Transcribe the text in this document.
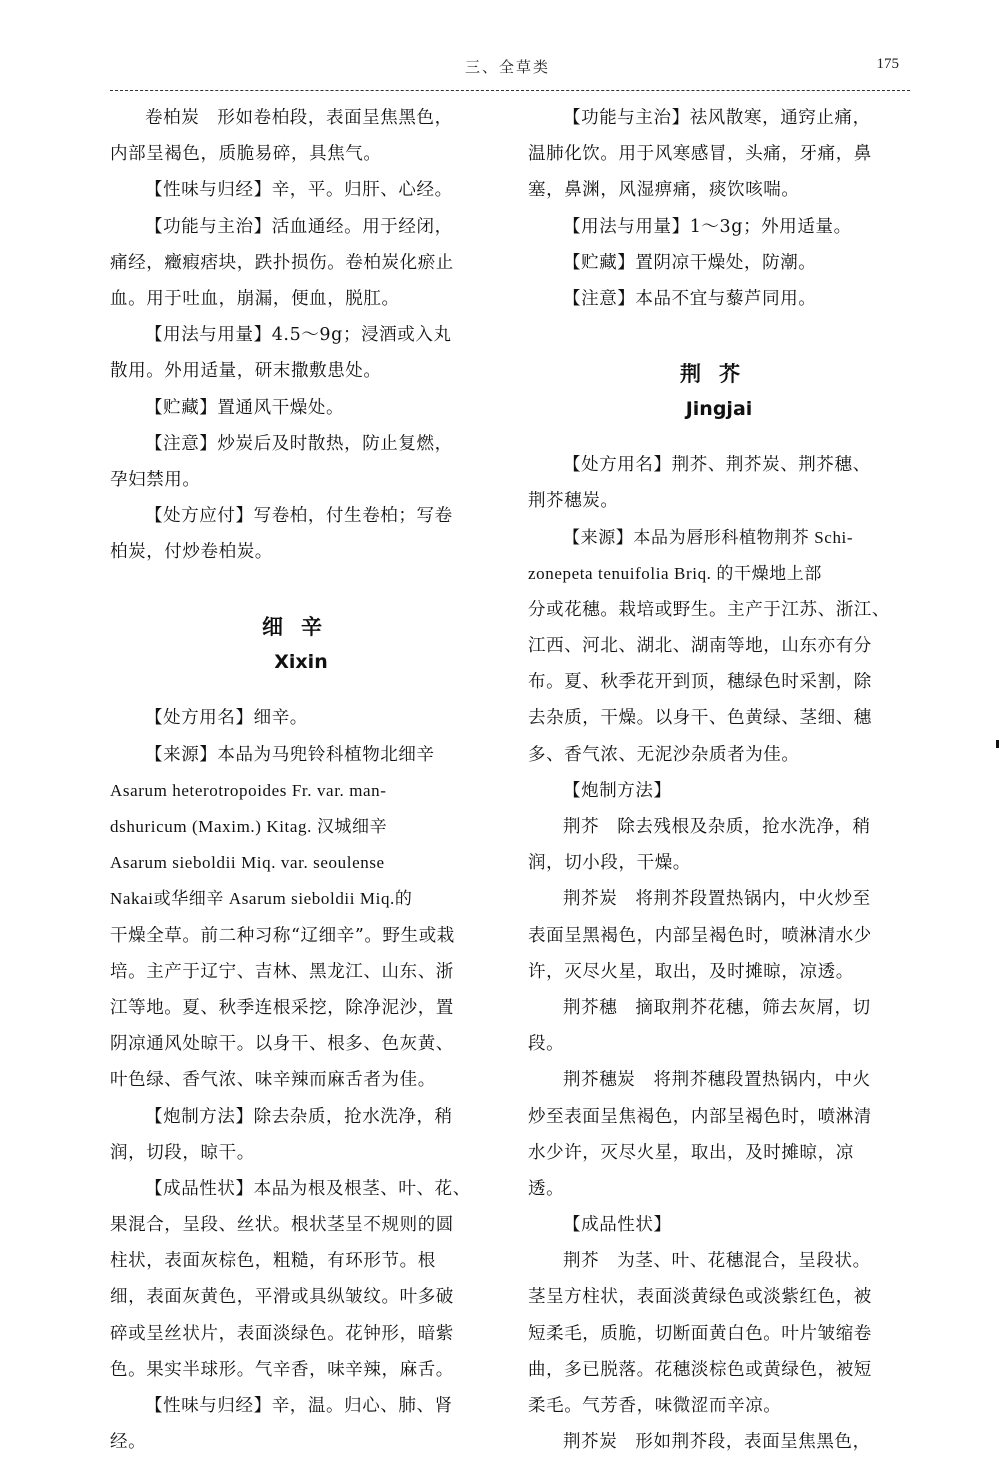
三、全草类	175
卷柏炭　形如卷柏段，表面呈焦黑色，
内部呈褐色，质脆易碎，具焦气。
【性味与归经】辛，平。归肝、心经。
【功能与主治】活血通经。用于经闭，
痛经，癥瘕痞块，跌扑损伤。卷柏炭化瘀止
血。用于吐血，崩漏，便血，脱肛。
【用法与用量】4.5～9g；浸酒或入丸
散用。外用适量，研末撒敷患处。
【贮藏】置通风干燥处。
【注意】炒炭后及时散热，防止复燃，
孕妇禁用。
【处方应付】写卷柏，付生卷柏；写卷
柏炭，付炒卷柏炭。
细辛
Xixin
【处方用名】细辛。
【来源】本品为马兜铃科植物北细辛
Asarum heterotropoides Fr. var. man-
dshuricum (Maxim.) Kitag. 汉城细辛
Asarum sieboldii Miq. var. seoulense
Nakai或华细辛 Asarum sieboldii Miq.的
干燥全草。前二种习称“辽细辛”。野生或栽
培。主产于辽宁、吉林、黑龙江、山东、浙
江等地。夏、秋季连根采挖，除净泥沙，置
阴凉通风处晾干。以身干、根多、色灰黄、
叶色绿、香气浓、味辛辣而麻舌者为佳。
【炮制方法】除去杂质，抢水洗净，稍
润，切段，晾干。
【成品性状】本品为根及根茎、叶、花、
果混合，呈段、丝状。根状茎呈不规则的圆
柱状，表面灰棕色，粗糙，有环形节。根
细，表面灰黄色，平滑或具纵皱纹。叶多破
碎或呈丝状片，表面淡绿色。花钟形，暗紫
色。果实半球形。气辛香，味辛辣，麻舌。
【性味与归经】辛，温。归心、肺、肾
经。
【功能与主治】祛风散寒，通窍止痛，
温肺化饮。用于风寒感冒，头痛，牙痛，鼻
塞，鼻渊，风湿痹痛，痰饮咳喘。
【用法与用量】1～3g；外用适量。
【贮藏】置阴凉干燥处，防潮。
【注意】本品不宜与藜芦同用。
荆芥
Jingjai
【处方用名】荆芥、荆芥炭、荆芥穗、
荆芥穗炭。
【来源】本品为唇形科植物荆芥 Schi-
zonepeta tenuifolia Briq. 的干燥地上部
分或花穗。栽培或野生。主产于江苏、浙江、
江西、河北、湖北、湖南等地，山东亦有分
布。夏、秋季花开到顶，穗绿色时采割，除
去杂质，干燥。以身干、色黄绿、茎细、穗
多、香气浓、无泥沙杂质者为佳。
【炮制方法】
荆芥　除去残根及杂质，抢水洗净，稍
润，切小段，干燥。
荆芥炭　将荆芥段置热锅内，中火炒至
表面呈黑褐色，内部呈褐色时，喷淋清水少
许，灭尽火星，取出，及时摊晾，凉透。
荆芥穗　摘取荆芥花穗，筛去灰屑，切
段。
荆芥穗炭　将荆芥穗段置热锅内，中火
炒至表面呈焦褐色，内部呈褐色时，喷淋清
水少许，灭尽火星，取出，及时摊晾，凉
透。
【成品性状】
荆芥　为茎、叶、花穗混合，呈段状。
茎呈方柱状，表面淡黄绿色或淡紫红色，被
短柔毛，质脆，切断面黄白色。叶片皱缩卷
曲，多已脱落。花穗淡棕色或黄绿色，被短
柔毛。气芳香，味微涩而辛凉。
荆芥炭　形如荆芥段，表面呈焦黑色，
